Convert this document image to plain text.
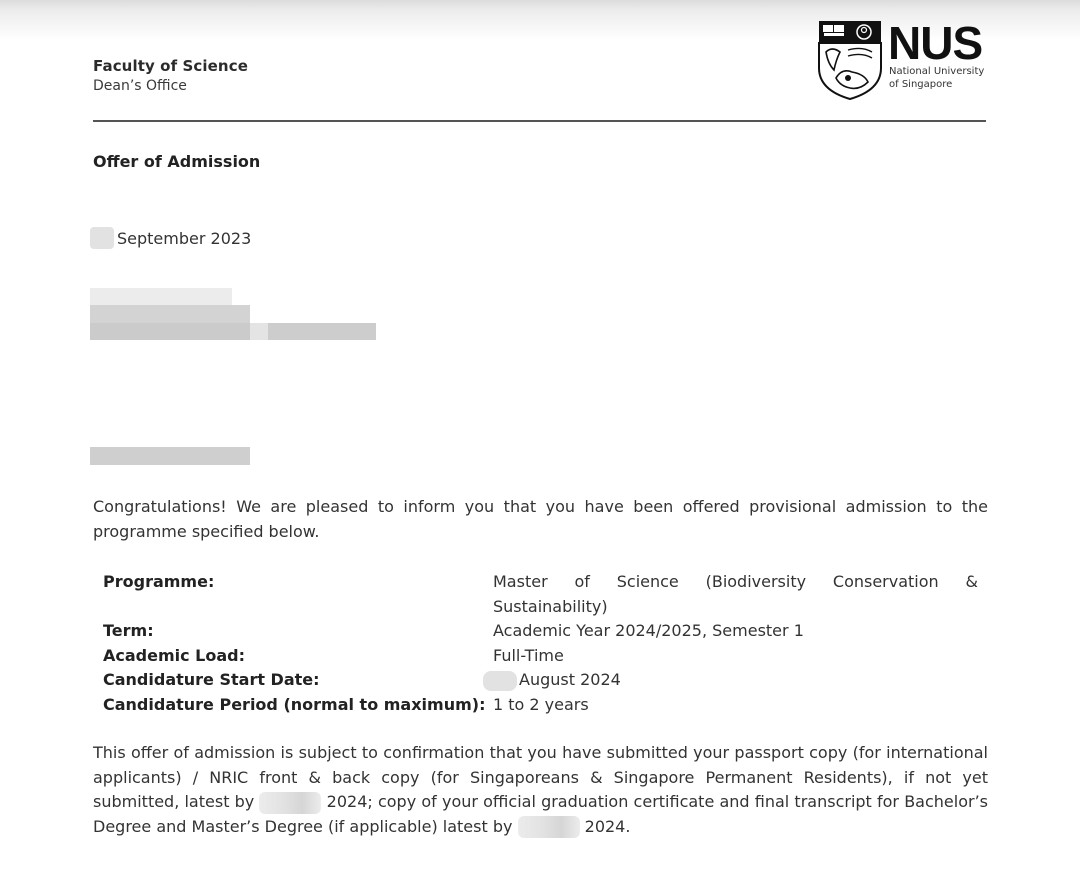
Faculty of Science
Dean’s Office
NUS
National University
of Singapore
Offer of Admission
September 2023
Congratulations! We are pleased to inform you that you have been offered provisional admission to the programme specified below.
Programme:	Master of Science (Biodiversity Conservation &
Sustainability)
Term:	Academic Year 2024/2025, Semester 1
Academic Load:	Full-Time
Candidature Start Date:	August 2024
Candidature Period (normal to maximum): 1 to 2 years
This offer of admission is subject to confirmation that you have submitted your passport copy (for international applicants) / NRIC front & back copy (for Singaporeans & Singapore Permanent Residents), if not yet submitted, latest by	2024; copy of your official graduation certificate and final transcript for Bachelor’s Degree and Master’s Degree (if applicable) latest by	2024.
